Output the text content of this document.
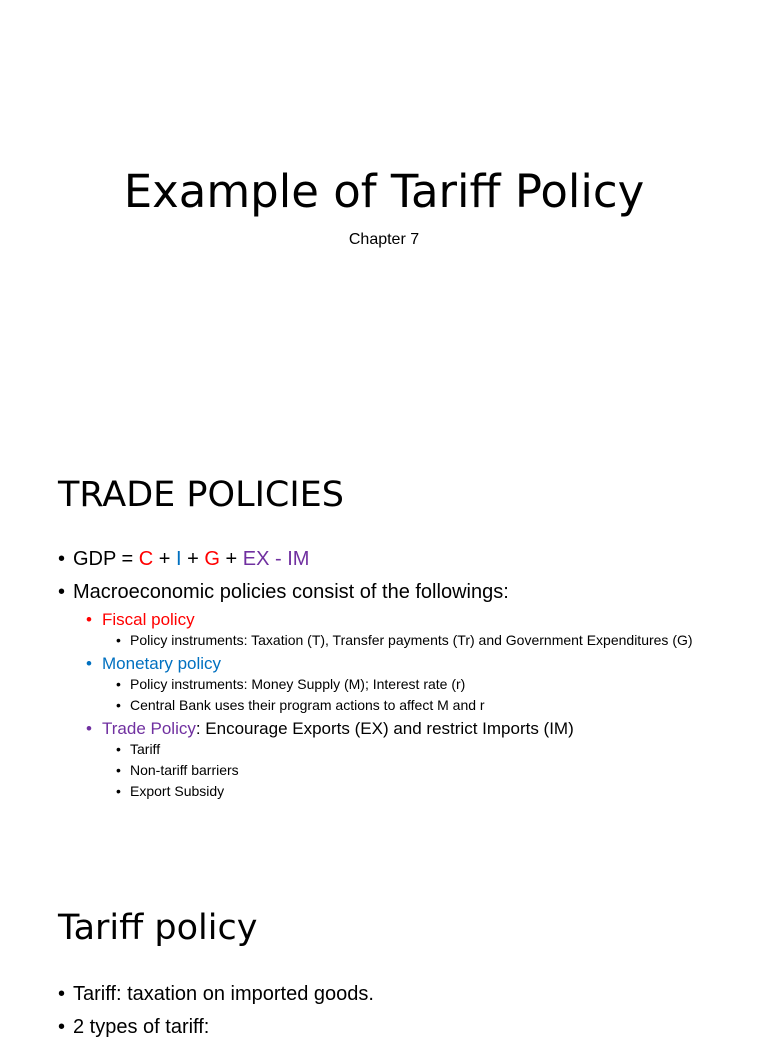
Example of Tariff Policy
Chapter 7
TRADE POLICIES
• GDP = C + I + G + EX - IM
• Macroeconomic policies consist of the followings:
• Fiscal policy
• Policy instruments: Taxation (T), Transfer payments (Tr) and Government Expenditures (G)
• Monetary policy
• Policy instruments: Money Supply (M); Interest rate (r)
• Central Bank uses their program actions to affect M and r
• Trade Policy: Encourage Exports (EX) and restrict Imports (IM)
• Tariff
• Non-tariff barriers
• Export Subsidy
Tariff policy
• Tariff: taxation on imported goods.
• 2 types of tariff:
